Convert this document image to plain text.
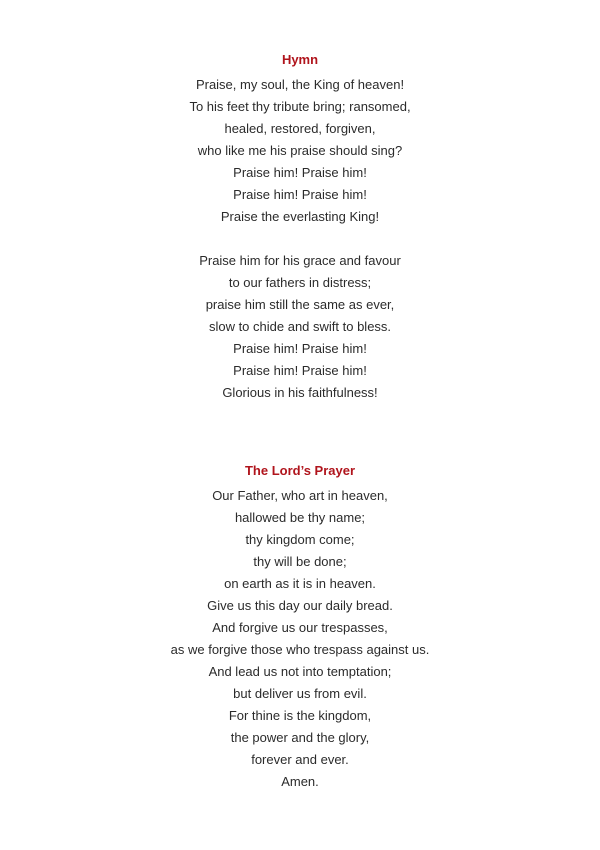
Hymn

Praise, my soul, the King of heaven!

To his feet thy tribute bring; ransomed,

healed, restored, forgiven,

who like me his praise should sing?

Praise him! Praise him!

Praise him! Praise him!

Praise the everlasting King!

Praise him for his grace and favour

to our fathers in distress;

praise him still the same as ever,

slow to chide and swift to bless.

Praise him! Praise him!

Praise him! Praise him!

Glorious in his faithfulness!

The Lord’s Prayer

Our Father, who art in heaven,

hallowed be thy name;

thy kingdom come;

thy will be done;

on earth as it is in heaven.

Give us this day our daily bread.

And forgive us our trespasses,

as we forgive those who trespass against us.

And lead us not into temptation;

but deliver us from evil.

For thine is the kingdom,

the power and the glory,

forever and ever.

Amen.
